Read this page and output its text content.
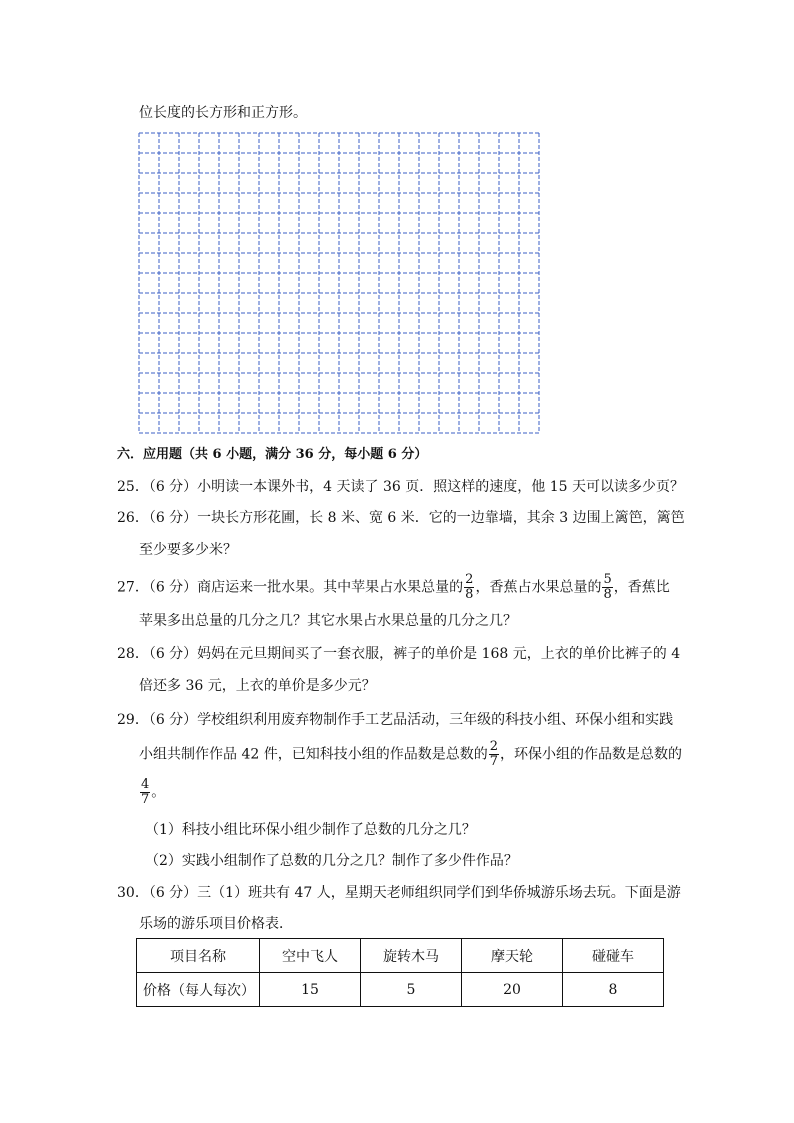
位长度的长方形和正方形。
六．应用题（共 6 小题，满分 36 分，每小题 6 分）
25．（6 分）小明读一本课外书，4 天读了 36 页．照这样的速度，他 15 天可以读多少页？
26．（6 分）一块长方形花圃，长 8 米、宽 6 米．它的一边靠墙，其余 3 边围上篱笆，篱笆
至少要多少米？
27．（6 分）商店运来一批水果。其中苹果占水果总量的 $\frac{2}{8}$ ，香蕉占水果总量的 $\frac{5}{8}$ ，香蕉比
苹果多出总量的几分之几？其它水果占水果总量的几分之几？
28．（6 分）妈妈在元旦期间买了一套衣服，裤子的单价是 168 元，上衣的单价比裤子的 4
倍还多 36 元，上衣的单价是多少元？
29．（6 分）学校组织利用废弃物制作手工艺品活动，三年级的科技小组、环保小组和实践
小组共制作作品 42 件，已知科技小组的作品数是总数的 $\frac{2}{7}$ ，环保小组的作品数是总数的
$\frac{4}{7}$ 。
（1）科技小组比环保小组少制作了总数的几分之几？
（2）实践小组制作了总数的几分之几？制作了多少件作品？
30．（6 分）三（1）班共有 47 人，星期天老师组织同学们到华侨城游乐场去玩。下面是游
乐场的游乐项目价格表．
项目名称	空中飞人	旋转木马	摩天轮	碰碰车
价格（每人每次）	15	5	20	8
